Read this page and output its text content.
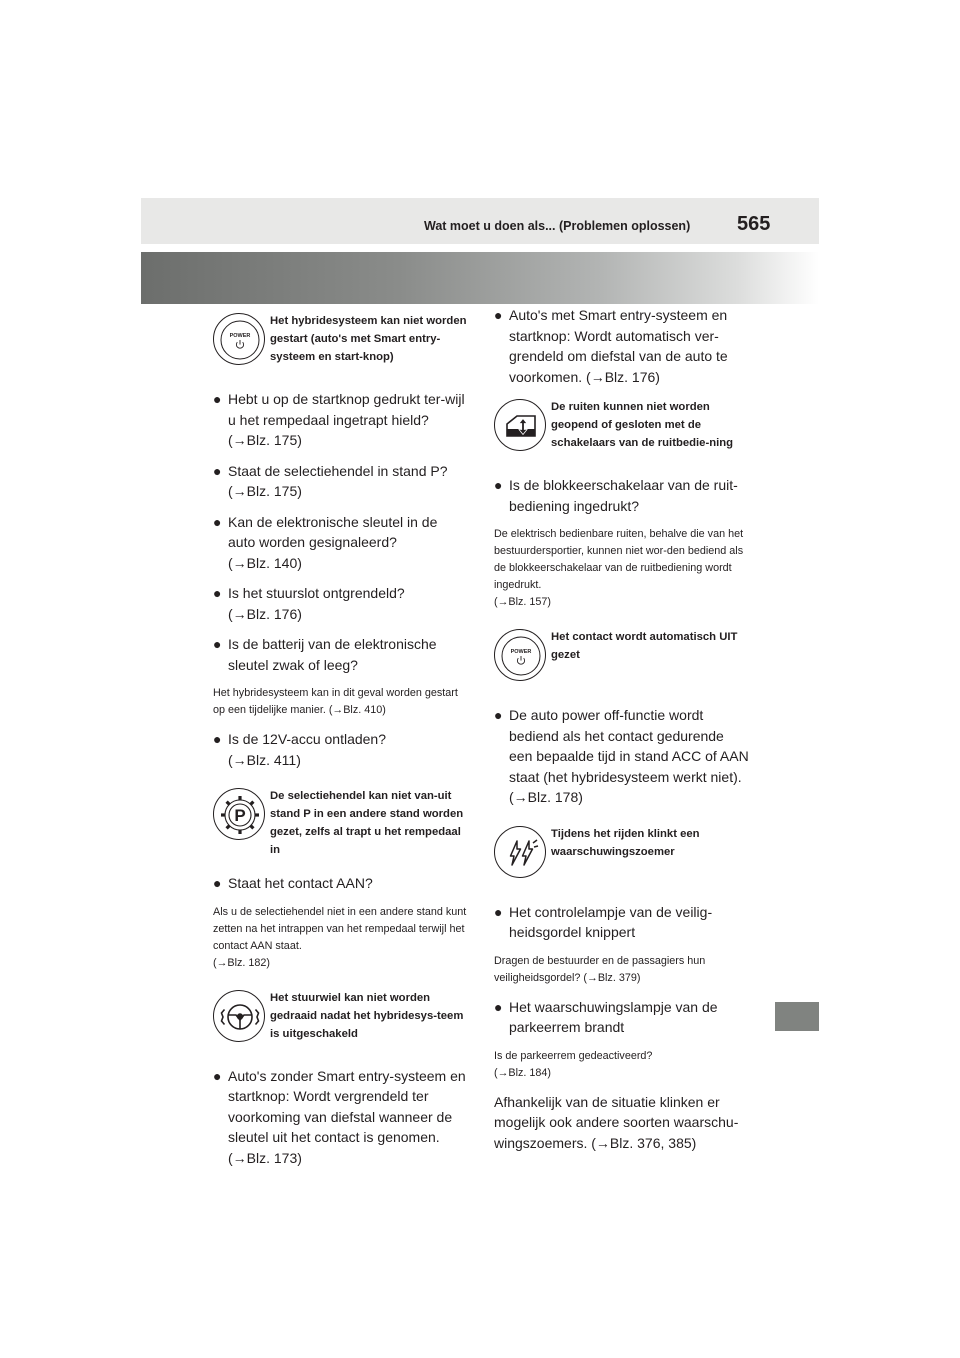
Wat moet u doen als... (Problemen oplossen) 565
POWER
Het hybridesysteem kan niet worden gestart (auto's met Smart entry-systeem en start-knop)
● Hebt u op de startknop gedrukt ter-wijl u het rempedaal ingetrapt hield?
(→Blz. 175)
● Staat de selectiehendel in stand P?
(→Blz. 175)
● Kan de elektronische sleutel in de auto worden gesignaleerd?
(→Blz. 140)
● Is het stuurslot ontgrendeld?
(→Blz. 176)
● Is de batterij van de elektronische sleutel zwak of leeg?
Het hybridesysteem kan in dit geval worden gestart op een tijdelijke manier. (→Blz. 410)
● Is de 12V-accu ontladen?
(→Blz. 411)
P
De selectiehendel kan niet van-uit stand P in een andere stand worden gezet, zelfs al trapt u het rempedaal in
● Staat het contact AAN?
Als u de selectiehendel niet in een andere stand kunt zetten na het intrappen van het rempedaal terwijl het contact AAN staat.
(→Blz. 182)
Het stuurwiel kan niet worden gedraaid nadat het hybridesys-teem is uitgeschakeld
● Auto's zonder Smart entry-systeem en startknop: Wordt vergrendeld ter voorkoming van diefstal wanneer de sleutel uit het contact is genomen.
(→Blz. 173)
● Auto's met Smart entry-systeem en startknop: Wordt automatisch ver-grendeld om diefstal van de auto te voorkomen. (→Blz. 176)
De ruiten kunnen niet worden geopend of gesloten met de schakelaars van de ruitbedie-ning
● Is de blokkeerschakelaar van de ruit-bediening ingedrukt?
De elektrisch bedienbare ruiten, behalve die van het bestuurdersportier, kunnen niet wor-den bediend als de blokkeerschakelaar van de ruitbediening wordt ingedrukt.
(→Blz. 157)
POWER
Het contact wordt automatisch UIT gezet
● De auto power off-functie wordt bediend als het contact gedurende een bepaalde tijd in stand ACC of AAN staat (het hybridesysteem werkt niet). (→Blz. 178)
Tijdens het rijden klinkt een waarschuwingszoemer
● Het controlelampje van de veilig-heidsgordel knippert
Dragen de bestuurder en de passagiers hun veiligheidsgordel? (→Blz. 379)
● Het waarschuwingslampje van de parkeerrem brandt
Is de parkeerrem gedeactiveerd?
(→Blz. 184)
Afhankelijk van de situatie klinken er mogelijk ook andere soorten waarschu-wingszoemers. (→Blz. 376, 385)
